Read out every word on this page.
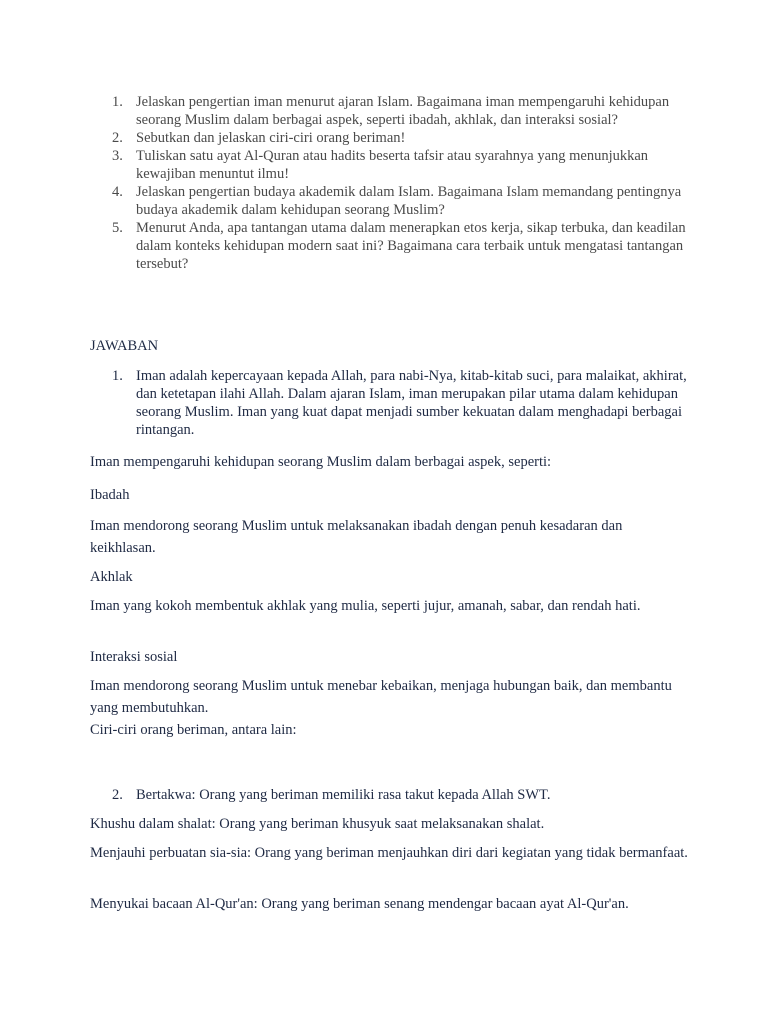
1. Jelaskan pengertian iman menurut ajaran Islam. Bagaimana iman mempengaruhi kehidupan seorang Muslim dalam berbagai aspek, seperti ibadah, akhlak, dan interaksi sosial?
2. Sebutkan dan jelaskan ciri-ciri orang beriman!
3. Tuliskan satu ayat Al-Quran atau hadits beserta tafsir atau syarahnya yang menunjukkan kewajiban menuntut ilmu!
4. Jelaskan pengertian budaya akademik dalam Islam. Bagaimana Islam memandang pentingnya budaya akademik dalam kehidupan seorang Muslim?
5. Menurut Anda, apa tantangan utama dalam menerapkan etos kerja, sikap terbuka, dan keadilan dalam konteks kehidupan modern saat ini? Bagaimana cara terbaik untuk mengatasi tantangan tersebut?

JAWABAN

1. Iman adalah kepercayaan kepada Allah, para nabi-Nya, kitab-kitab suci, para malaikat, akhirat, dan ketetapan ilahi Allah. Dalam ajaran Islam, iman merupakan pilar utama dalam kehidupan seorang Muslim. Iman yang kuat dapat menjadi sumber kekuatan dalam menghadapi berbagai rintangan.

Iman mempengaruhi kehidupan seorang Muslim dalam berbagai aspek, seperti:

Ibadah

Iman mendorong seorang Muslim untuk melaksanakan ibadah dengan penuh kesadaran dan keikhlasan.

Akhlak

Iman yang kokoh membentuk akhlak yang mulia, seperti jujur, amanah, sabar, dan rendah hati.

Interaksi sosial

Iman mendorong seorang Muslim untuk menebar kebaikan, menjaga hubungan baik, dan membantu yang membutuhkan.

Ciri-ciri orang beriman, antara lain:

2. Bertakwa: Orang yang beriman memiliki rasa takut kepada Allah SWT.

Khushu dalam shalat: Orang yang beriman khusyuk saat melaksanakan shalat.

Menjauhi perbuatan sia-sia: Orang yang beriman menjauhkan diri dari kegiatan yang tidak bermanfaat.

Menyukai bacaan Al-Qur'an: Orang yang beriman senang mendengar bacaan ayat Al-Qur'an.
